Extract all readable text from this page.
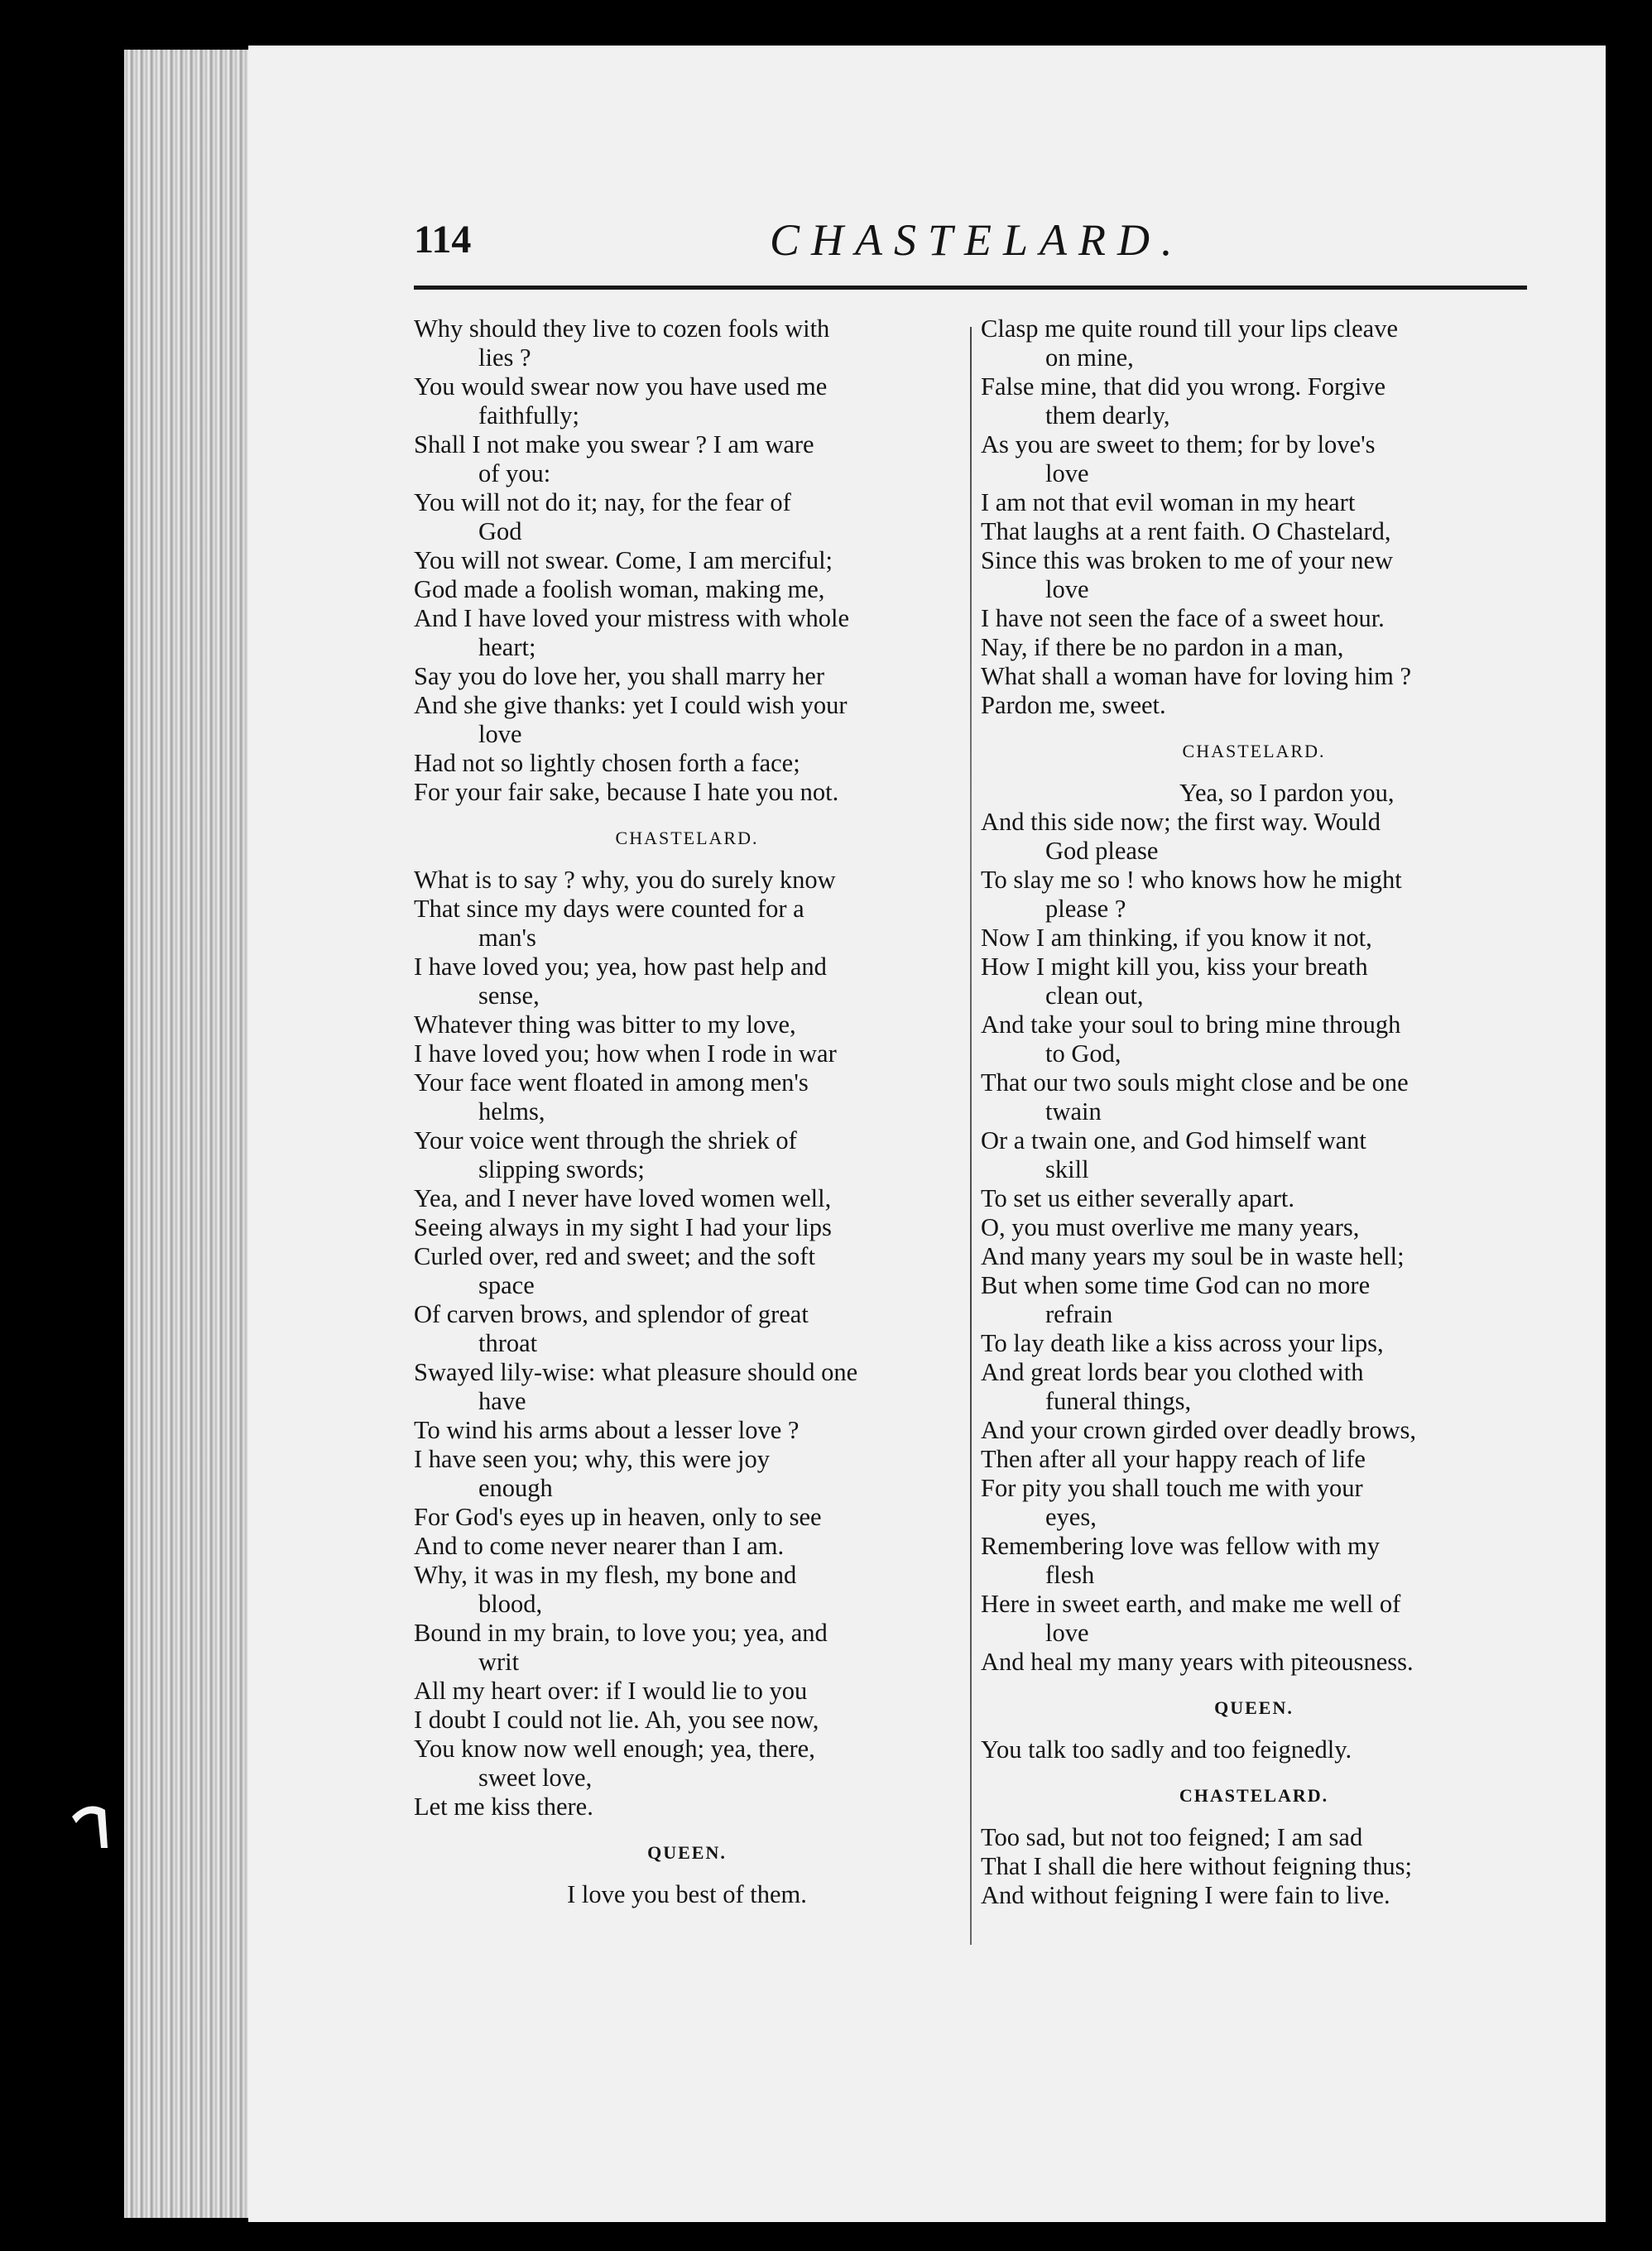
114	CHASTELARD.
Why should they live to cozen fools with
lies ?
You would swear now you have used me
faithfully;
Shall I not make you swear ? I am ware
of you:
You will not do it; nay, for the fear of
God
You will not swear. Come, I am merciful;
God made a foolish woman, making me,
And I have loved your mistress with whole
heart;
Say you do love her, you shall marry her
And she give thanks: yet I could wish your
love
Had not so lightly chosen forth a face;
For your fair sake, because I hate you not.
CHASTELARD.
What is to say ? why, you do surely know
That since my days were counted for a
man's
I have loved you; yea, how past help and
sense,
Whatever thing was bitter to my love,
I have loved you; how when I rode in war
Your face went floated in among men's
helms,
Your voice went through the shriek of
slipping swords;
Yea, and I never have loved women well,
Seeing always in my sight I had your lips
Curled over, red and sweet; and the soft
space
Of carven brows, and splendor of great
throat
Swayed lily-wise: what pleasure should one
have
To wind his arms about a lesser love ?
I have seen you; why, this were joy
enough
For God's eyes up in heaven, only to see
And to come never nearer than I am.
Why, it was in my flesh, my bone and
blood,
Bound in my brain, to love you; yea, and
writ
All my heart over: if I would lie to you
I doubt I could not lie. Ah, you see now,
You know now well enough; yea, there,
sweet love,
Let me kiss there.
QUEEN.
I love you best of them.
Clasp me quite round till your lips cleave
on mine,
False mine, that did you wrong. Forgive
them dearly,
As you are sweet to them; for by love's
love
I am not that evil woman in my heart
That laughs at a rent faith. O Chastelard,
Since this was broken to me of your new
love
I have not seen the face of a sweet hour.
Nay, if there be no pardon in a man,
What shall a woman have for loving him ?
Pardon me, sweet.
CHASTELARD.
Yea, so I pardon you,
And this side now; the first way. Would
God please
To slay me so ! who knows how he might
please ?
Now I am thinking, if you know it not,
How I might kill you, kiss your breath
clean out,
And take your soul to bring mine through
to God,
That our two souls might close and be one
twain
Or a twain one, and God himself want
skill
To set us either severally apart.
O, you must overlive me many years,
And many years my soul be in waste hell;
But when some time God can no more
refrain
To lay death like a kiss across your lips,
And great lords bear you clothed with
funeral things,
And your crown girded over deadly brows,
Then after all your happy reach of life
For pity you shall touch me with your
eyes,
Remembering love was fellow with my
flesh
Here in sweet earth, and make me well of
love
And heal my many years with piteousness.
QUEEN.
You talk too sadly and too feignedly.
CHASTELARD.
Too sad, but not too feigned; I am sad
That I shall die here without feigning thus;
And without feigning I were fain to live.
